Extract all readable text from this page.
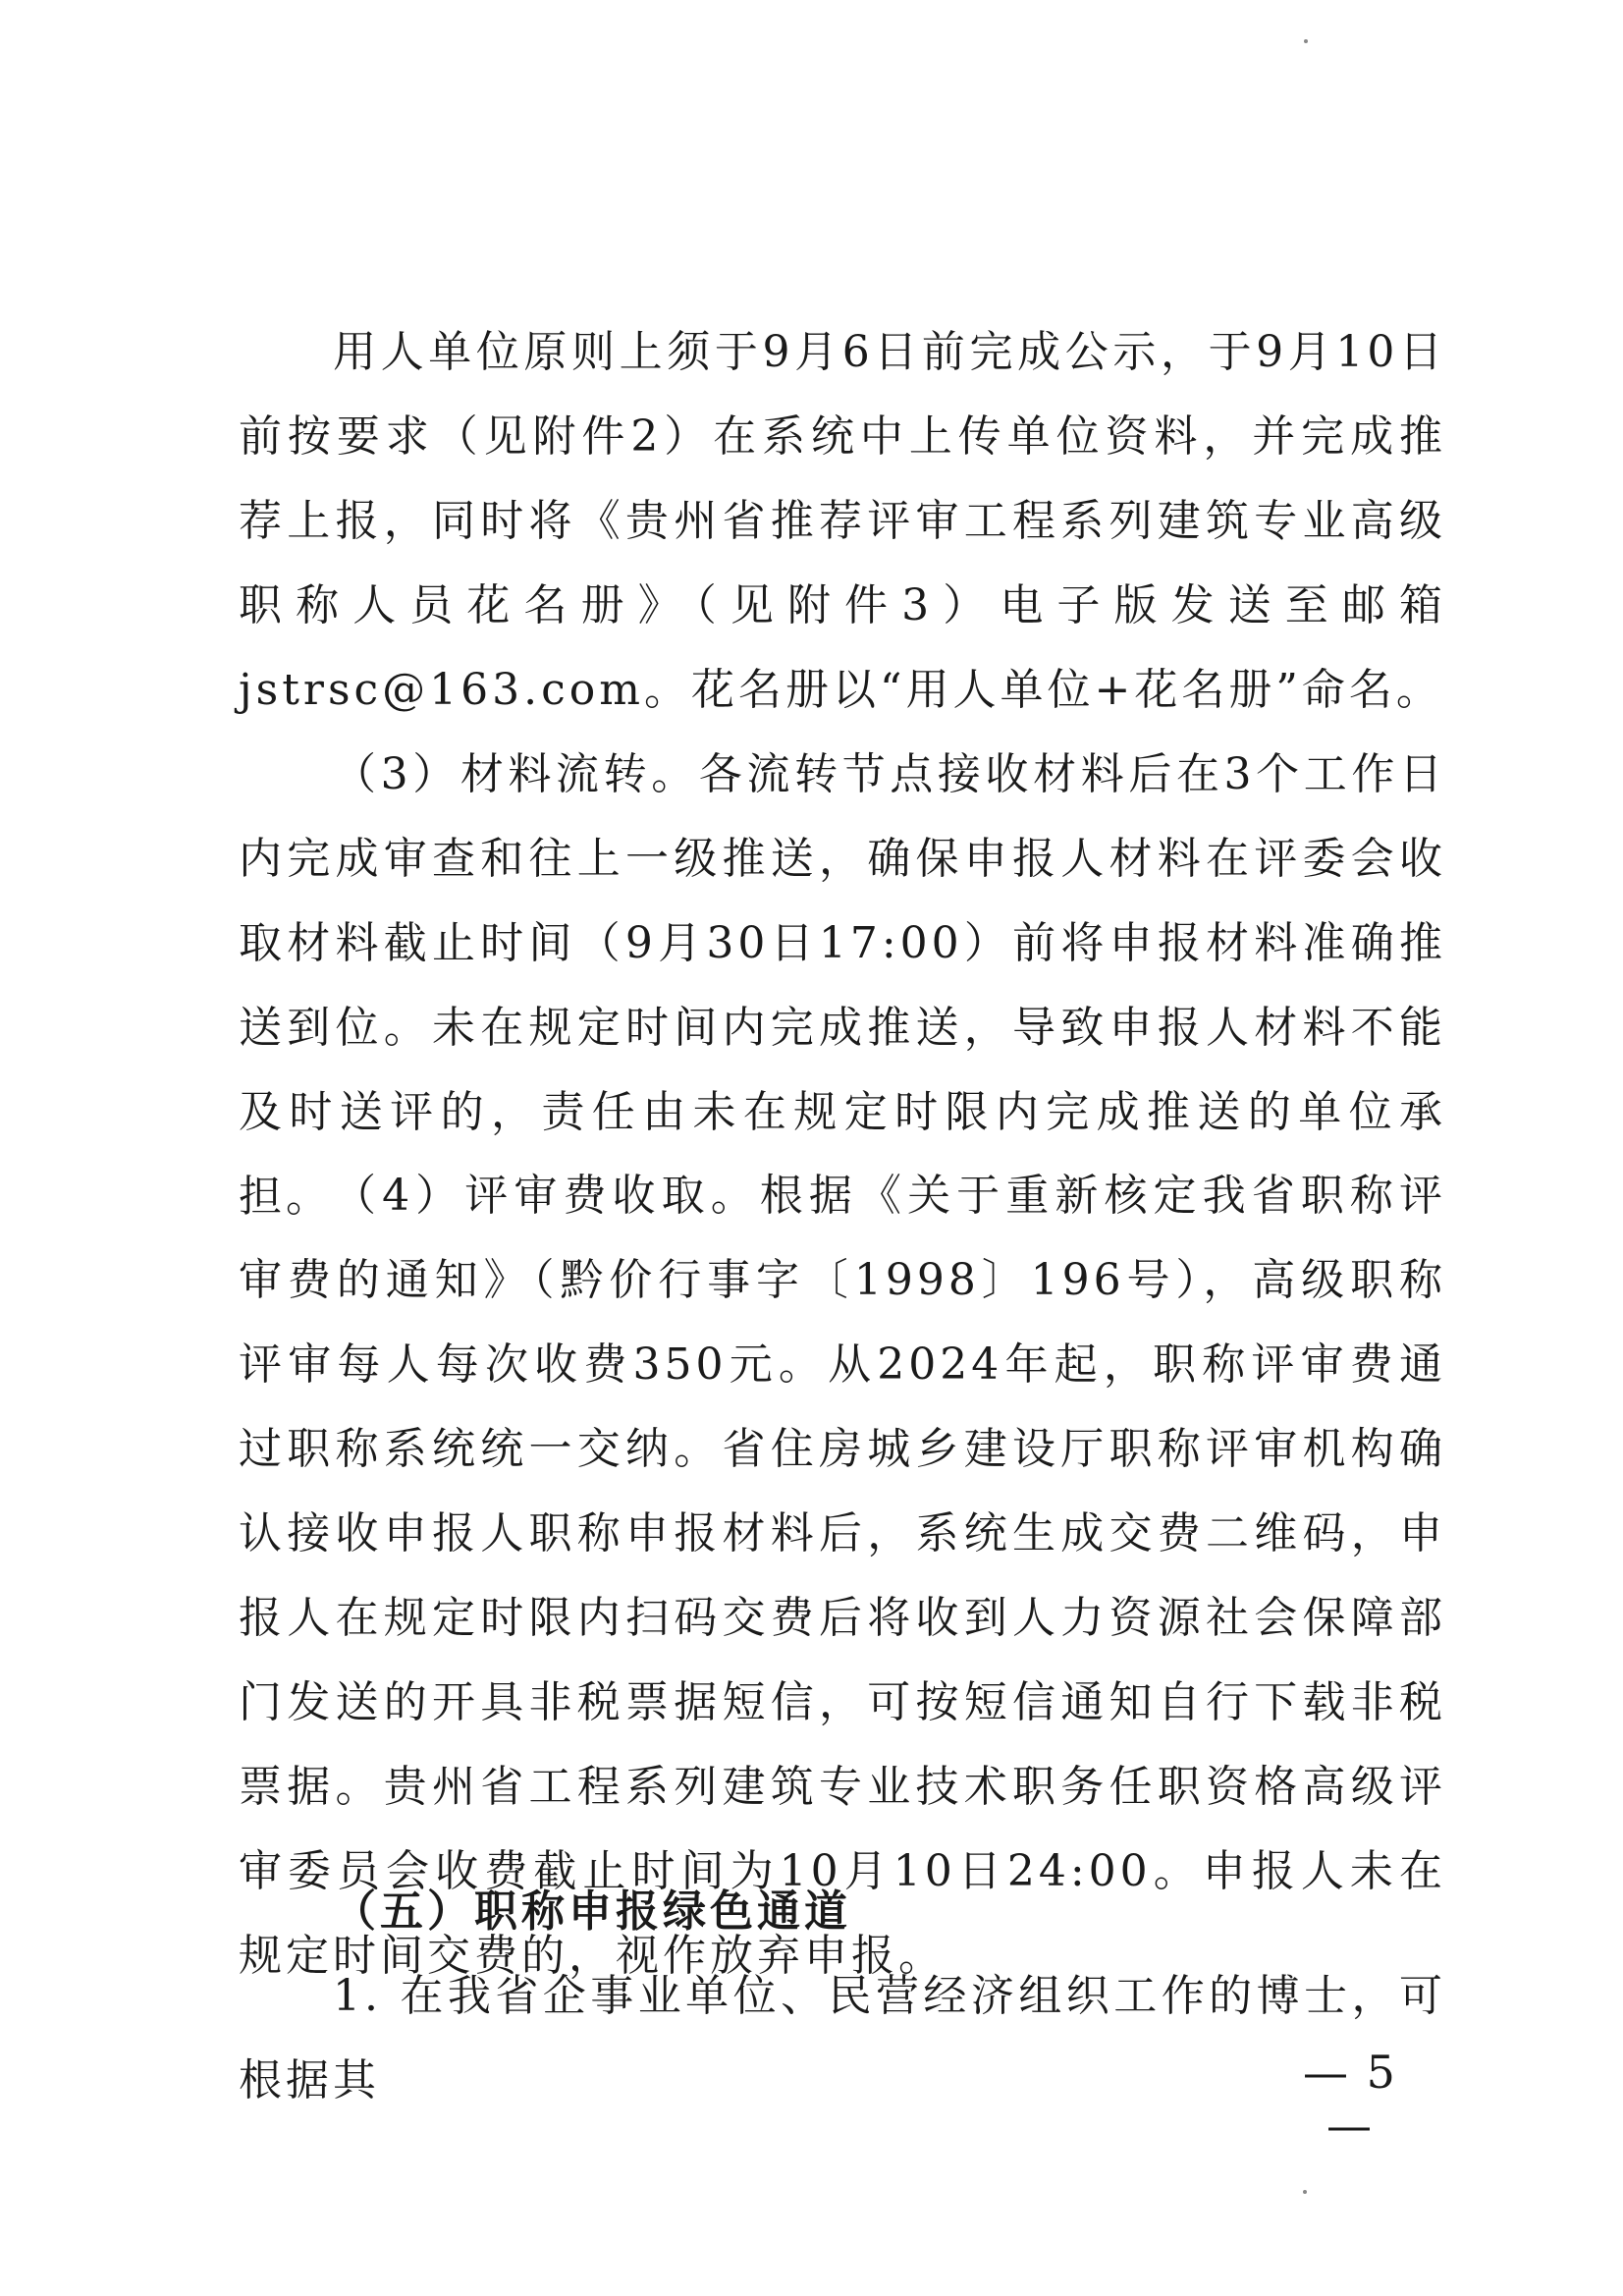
用人单位原则上须于9月6日前完成公示，于9月10日前按要求（见附件2）在系统中上传单位资料，并完成推荐上报，同时将《贵州省推荐评审工程系列建筑专业高级职称人员花名册》（见附件3）电子版发送至邮箱 jstrsc@163.com。花名册以“用人单位+花名册”命名。

（3）材料流转。各流转节点接收材料后在3个工作日内完成审查和往上一级推送，确保申报人材料在评委会收取材料截止时间（9月30日17:00）前将申报材料准确推送到位。未在规定时间内完成推送，导致申报人材料不能及时送评的，责任由未在规定时限内完成推送的单位承担。 （4）评审费收取。根据《关于重新核定我省职称评审费的通知》（黔价行事字〔1998〕196号），高级职称评审每人每次收费350元。从2024年起，职称评审费通过职称系统统一交纳。省住房城乡建设厅职称评审机构确认接收申报人职称申报材料后，系统生成交费二维码，申报人在规定时限内扫码交费后将收到人力资源社会保障部门发送的开具非税票据短信，可按短信通知自行下载非税票据。贵州省工程系列建筑专业技术职务任职资格高级评审委员会收费截止时间为10月10日24:00。申报人未在规定时间交费的，视作放弃申报。

（五）职称申报绿色通道

1. 在我省企事业单位、民营经济组织工作的博士，可根据其	— 5 —
